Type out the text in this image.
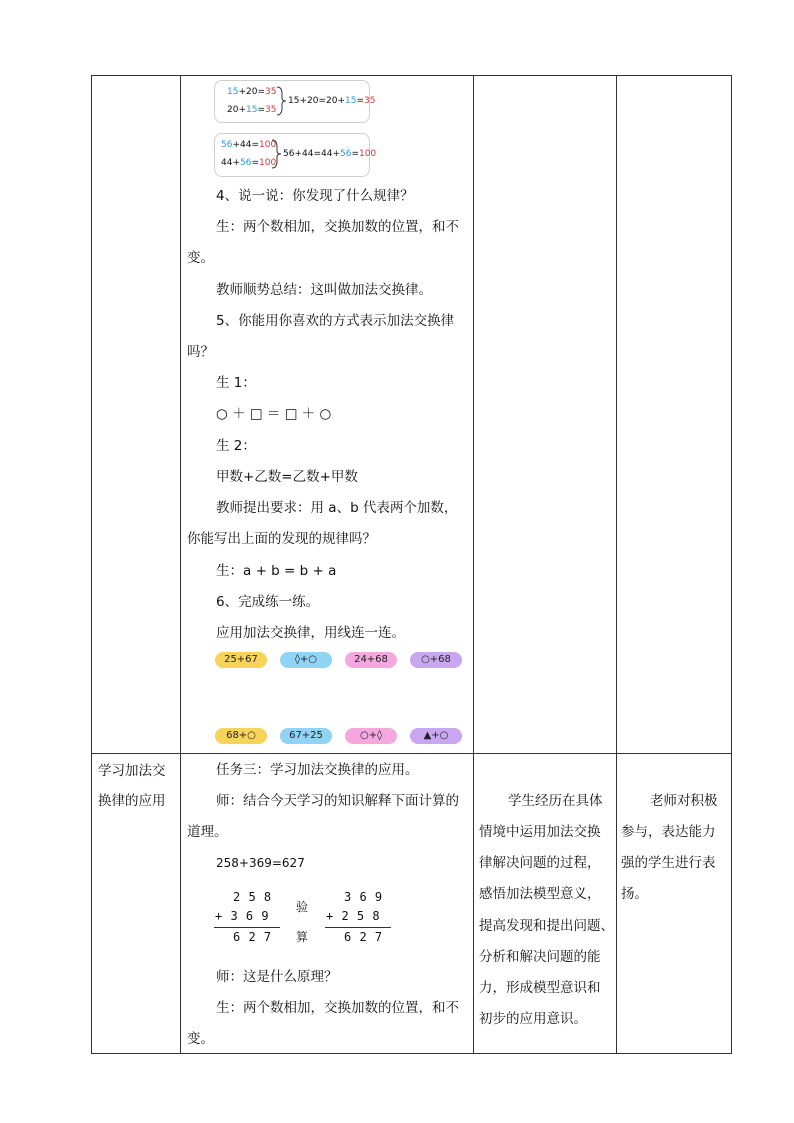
15+20=35
20+15=35
15+20=20+15=35
56+44=100
44+56=100
56+44=44+56=100
4、说一说：你发现了什么规律？
生：两个数相加，交换加数的位置，和不
变。
教师顺势总结：这叫做加法交换律。
5、你能用你喜欢的方式表示加法交换律
吗？
生 1：
○ ＋ □ ＝ □ ＋ ○
生 2：
甲数+乙数=乙数+甲数
教师提出要求：用 a、b 代表两个加数，
你能写出上面的发现的规律吗？
生：a + b = b + a
6、完成练一练。
应用加法交换律，用线连一连。
25+67	◊+○	24+68	○+68
68+○	67+25	○+◊	▲+○
学习加法交
换律的应用
任务三：学习加法交换律的应用。
师：结合今天学习的知识解释下面计算的
道理。
258+369=627
2 5 8
+ 3 6 9
6 2 7
验
算
3 6 9
+ 2 5 8
6 2 7
师：这是什么原理？
生：两个数相加，交换加数的位置，和不
变。
学生经历在具体
情境中运用加法交换
律解决问题的过程，
感悟加法模型意义，
提高发现和提出问题、
分析和解决问题的能
力，形成模型意识和
初步的应用意识。
老师对积极
参与，表达能力
强的学生进行表
扬。
